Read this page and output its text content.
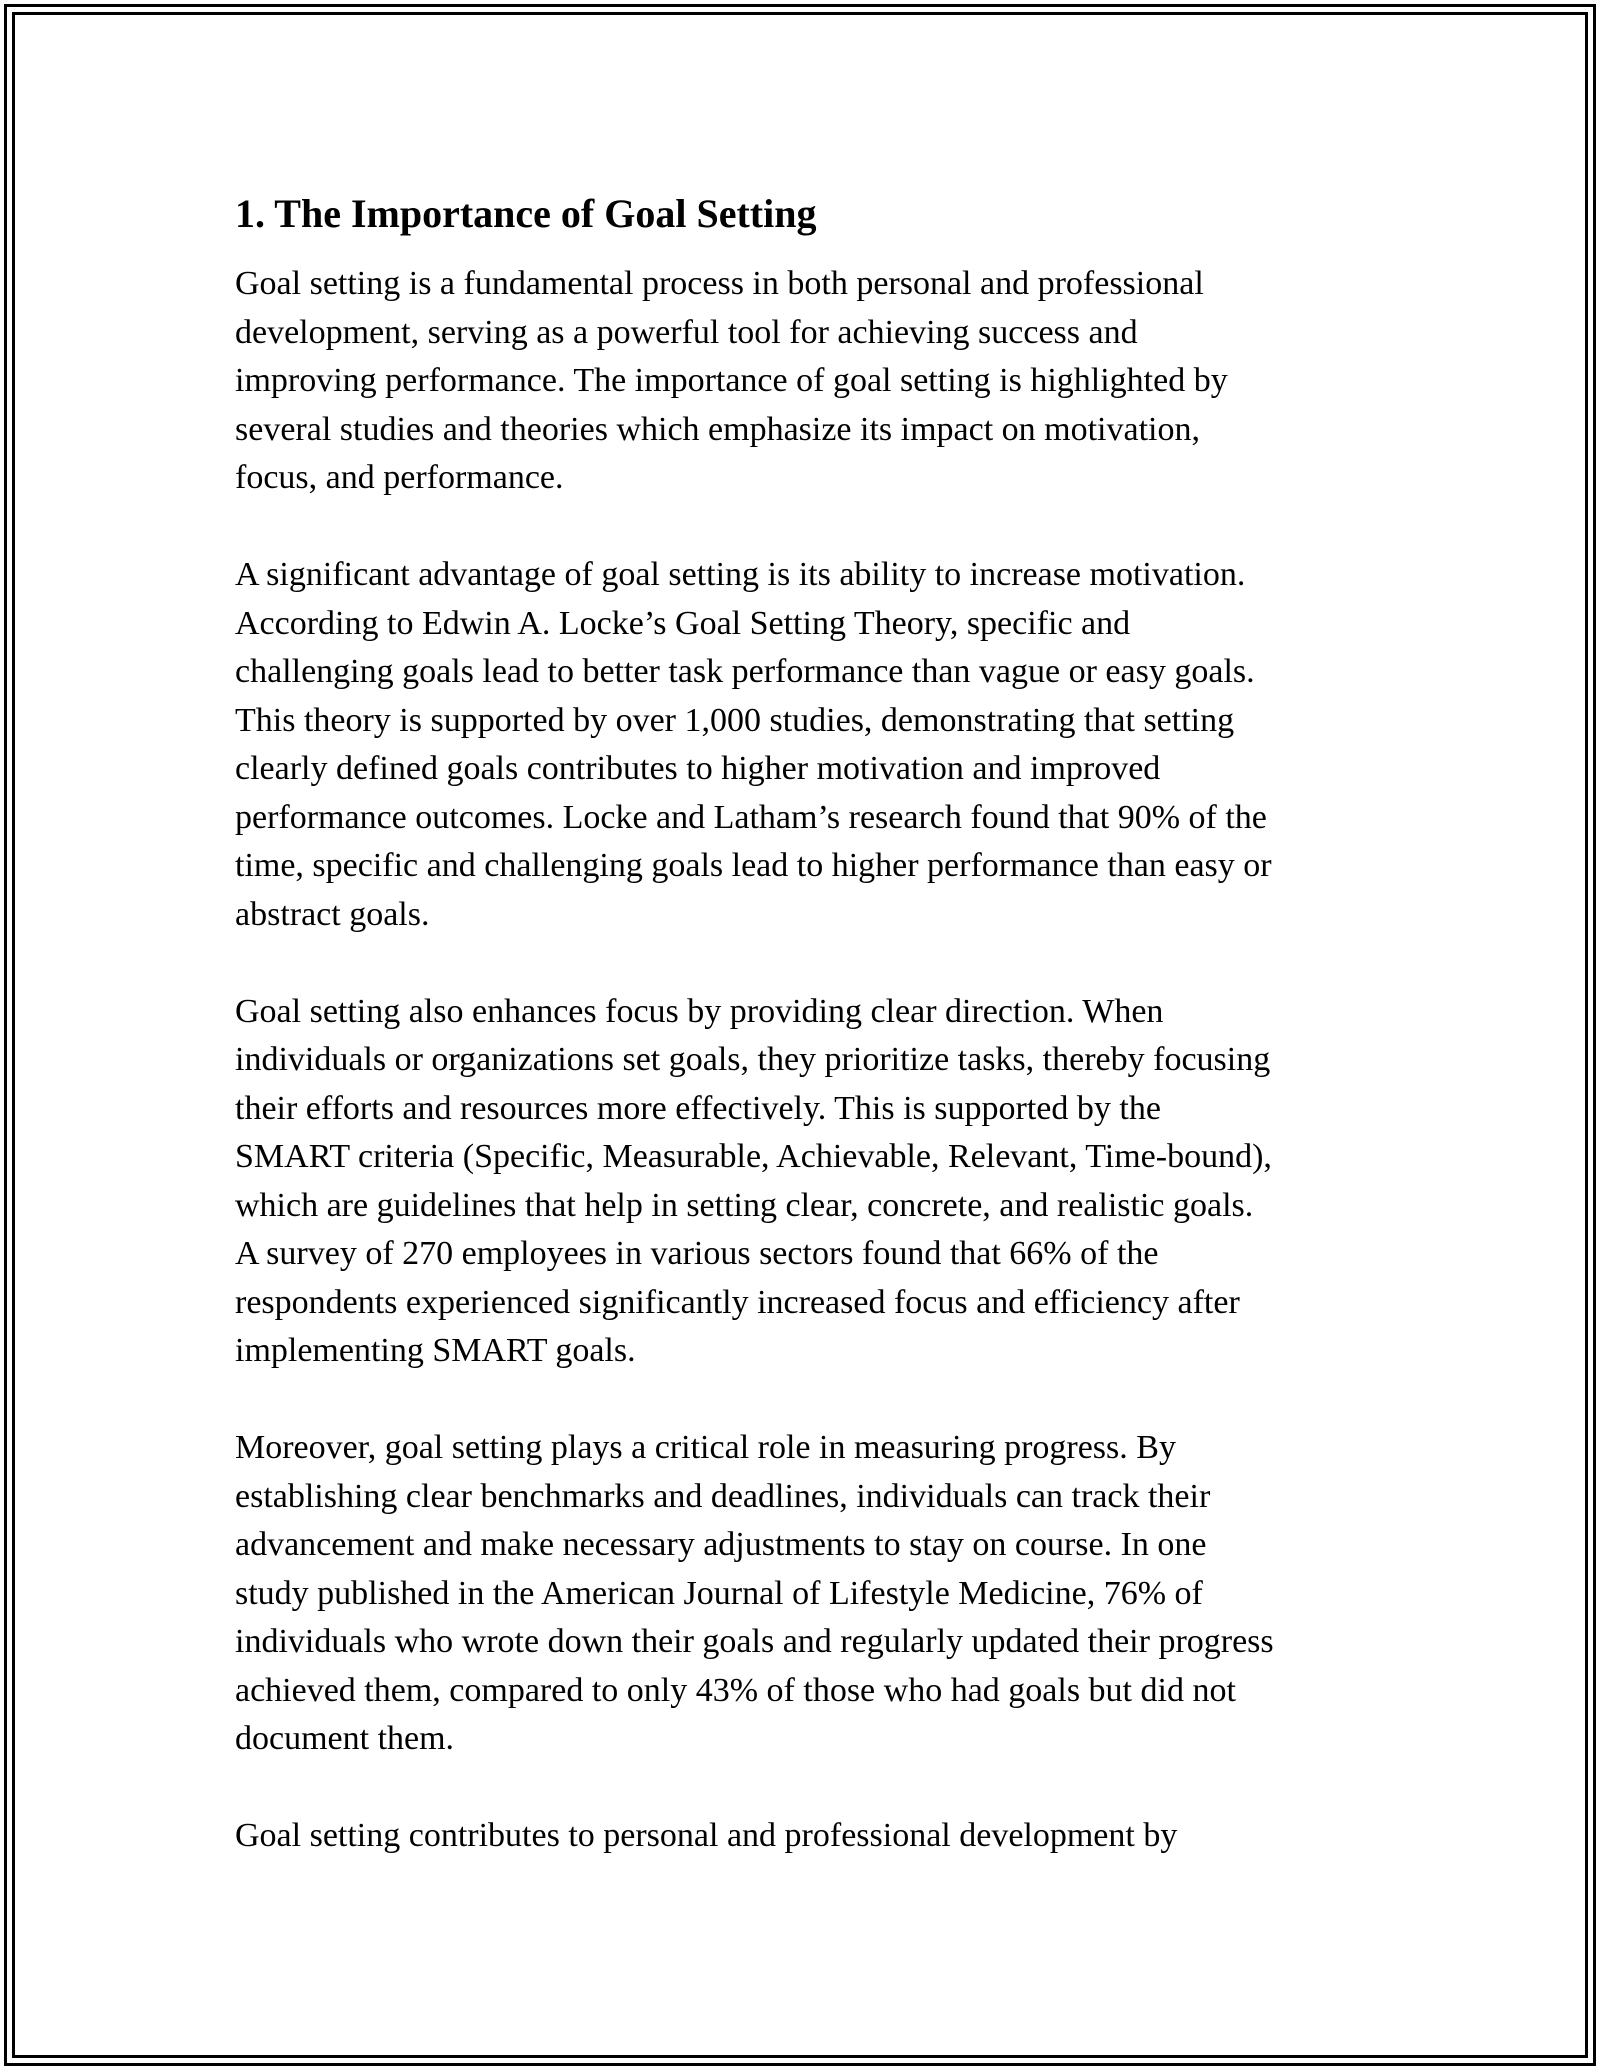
1. The Importance of Goal Setting

Goal setting is a fundamental process in both personal and professional
development, serving as a powerful tool for achieving success and
improving performance. The importance of goal setting is highlighted by
several studies and theories which emphasize its impact on motivation,
focus, and performance.

A significant advantage of goal setting is its ability to increase motivation.
According to Edwin A. Locke’s Goal Setting Theory, specific and
challenging goals lead to better task performance than vague or easy goals.
This theory is supported by over 1,000 studies, demonstrating that setting
clearly defined goals contributes to higher motivation and improved
performance outcomes. Locke and Latham’s research found that 90% of the
time, specific and challenging goals lead to higher performance than easy or
abstract goals.

Goal setting also enhances focus by providing clear direction. When
individuals or organizations set goals, they prioritize tasks, thereby focusing
their efforts and resources more effectively. This is supported by the
SMART criteria (Specific, Measurable, Achievable, Relevant, Time-bound),
which are guidelines that help in setting clear, concrete, and realistic goals.
A survey of 270 employees in various sectors found that 66% of the
respondents experienced significantly increased focus and efficiency after
implementing SMART goals.

Moreover, goal setting plays a critical role in measuring progress. By
establishing clear benchmarks and deadlines, individuals can track their
advancement and make necessary adjustments to stay on course. In one
study published in the American Journal of Lifestyle Medicine, 76% of
individuals who wrote down their goals and regularly updated their progress
achieved them, compared to only 43% of those who had goals but did not
document them.

Goal setting contributes to personal and professional development by
